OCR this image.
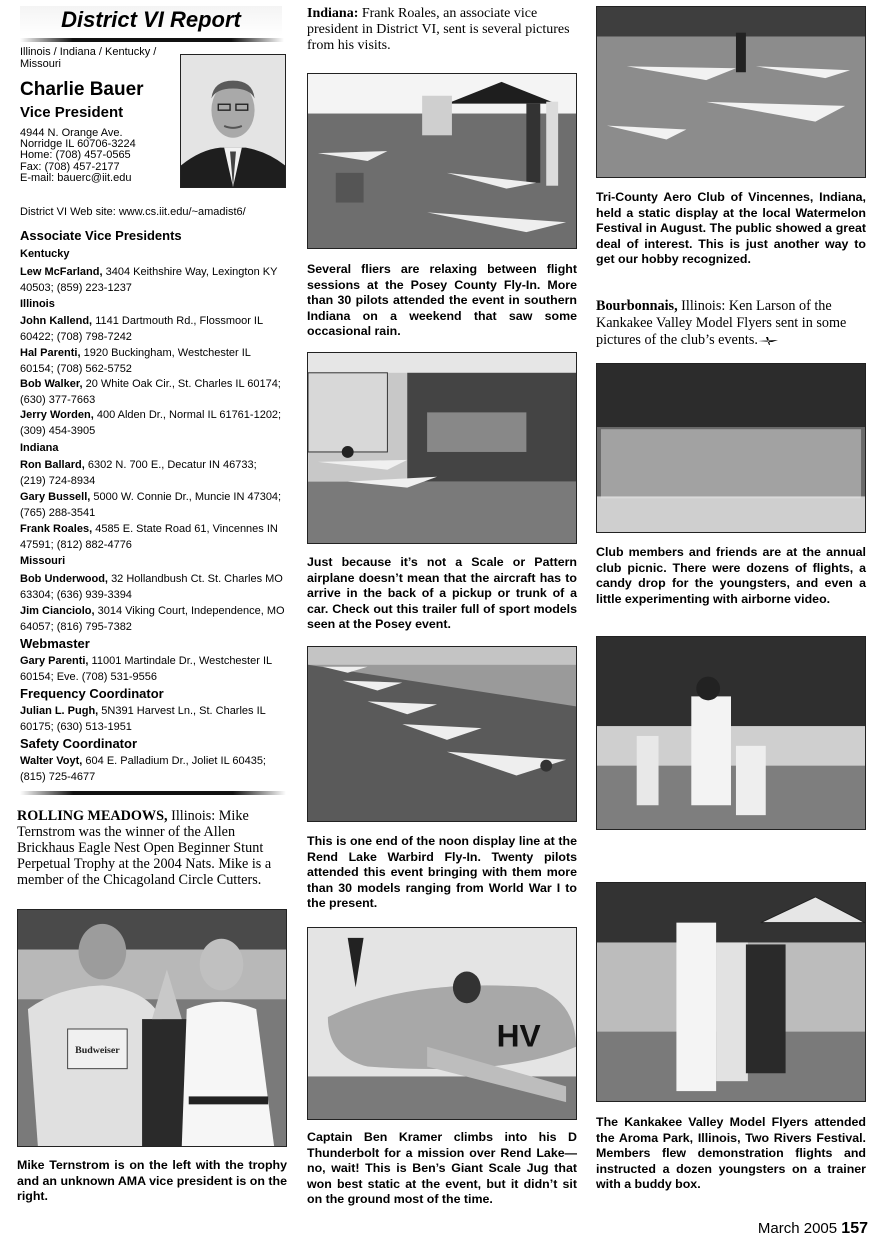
District VI Report
Illinois / Indiana / Kentucky / Missouri
Charlie Bauer
Vice President
4944 N. Orange Ave.
Norridge IL 60706-3224
Home: (708) 457-0565
Fax: (708) 457-2177
E-mail: bauerc@iit.edu
District VI Web site: www.cs.iit.edu/~amadist6/
Associate Vice Presidents
Kentucky
Lew McFarland, 3404 Keithshire Way, Lexington KY 40503; (859) 223-1237
Illinois
John Kallend, 1141 Dartmouth Rd., Flossmoor IL 60422; (708) 798-7242
Hal Parenti, 1920 Buckingham, Westchester IL 60154; (708) 562-5752
Bob Walker, 20 White Oak Cir., St. Charles IL 60174; (630) 377-7663
Jerry Worden, 400 Alden Dr., Normal IL 61761-1202; (309) 454-3905
Indiana
Ron Ballard, 6302 N. 700 E., Decatur IN 46733; (219) 724-8934
Gary Bussell, 5000 W. Connie Dr., Muncie IN 47304; (765) 288-3541
Frank Roales, 4585 E. State Road 61, Vincennes IN 47591; (812) 882-4776
Missouri
Bob Underwood, 32 Hollandbush Ct. St. Charles MO 63304; (636) 939-3394
Jim Cianciolo, 3014 Viking Court, Independence, MO 64057; (816) 795-7382
Webmaster
Gary Parenti, 11001 Martindale Dr., Westchester IL 60154; Eve. (708) 531-9556
Frequency Coordinator
Julian L. Pugh, 5N391 Harvest Ln., St. Charles IL 60175; (630) 513-1951
Safety Coordinator
Walter Voyt, 604 E. Palladium Dr., Joliet IL 60435; (815) 725-4677
ROLLING MEADOWS, Illinois: Mike Ternstrom was the winner of the Allen Brickhaus Eagle Nest Open Beginner Stunt Perpetual Trophy at the 2004 Nats. Mike is a member of the Chicagoland Circle Cutters.
Budweiser
Mike Ternstrom is on the left with the trophy and an unknown AMA vice president is on the right.
Indiana: Frank Roales, an associate vice president in District VI, sent is several pictures from his visits.
Several fliers are relaxing between flight sessions at the Posey County Fly-In. More than 30 pilots attended the event in southern Indiana on a weekend that saw some occasional rain.
Just because it’s not a Scale or Pattern airplane doesn’t mean that the aircraft has to arrive in the back of a pickup or trunk of a car. Check out this trailer full of sport models seen at the Posey event.
This is one end of the noon display line at the Rend Lake Warbird Fly-In. Twenty pilots attended this event bringing with them more than 30 models ranging from World War I to the present.
HV
Captain Ben Kramer climbs into his D Thunderbolt for a mission over Rend Lake—no, wait! This is Ben’s Giant Scale Jug that won best static at the event, but it didn’t sit on the ground most of the time.
Tri-County Aero Club of Vincennes, Indiana, held a static display at the local Watermelon Festival in August. The public showed a great deal of interest. This is just another way to get our hobby recognized.
Bourbonnais, Illinois: Ken Larson of the Kankakee Valley Model Flyers sent in some pictures of the club’s events.
Club members and friends are at the annual club picnic. There were dozens of flights, a candy drop for the youngsters, and even a little experimenting with airborne video.
The Kankakee Valley Model Flyers attended the Aroma Park, Illinois, Two Rivers Festival. Members flew demonstration flights and instructed a dozen youngsters on a trainer with a buddy box.
March 2005 157
